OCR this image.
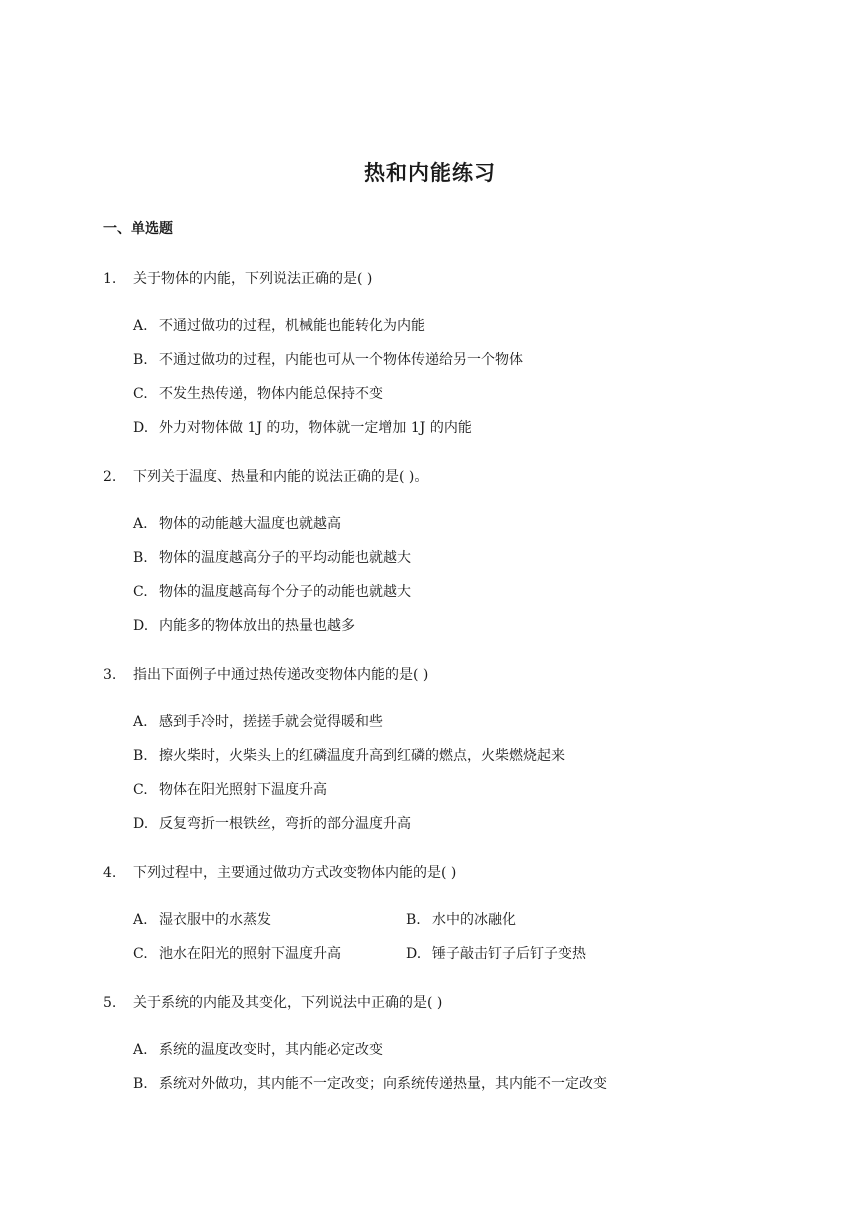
热和内能练习
一、单选题
1. 关于物体的内能，下列说法正确的是( )
A. 不通过做功的过程，机械能也能转化为内能
B. 不通过做功的过程，内能也可从一个物体传递给另一个物体
C. 不发生热传递，物体内能总保持不变
D. 外力对物体做 1J 的功，物体就一定增加 1J 的内能
2. 下列关于温度、热量和内能的说法正确的是( )。
A. 物体的动能越大温度也就越高
B. 物体的温度越高分子的平均动能也就越大
C. 物体的温度越高每个分子的动能也就越大
D. 内能多的物体放出的热量也越多
3. 指出下面例子中通过热传递改变物体内能的是( )
A. 感到手冷时，搓搓手就会觉得暖和些
B. 擦火柴时，火柴头上的红磷温度升高到红磷的燃点，火柴燃烧起来
C. 物体在阳光照射下温度升高
D. 反复弯折一根铁丝，弯折的部分温度升高
4. 下列过程中，主要通过做功方式改变物体内能的是( )
A. 湿衣服中的水蒸发	B. 水中的冰融化
C. 池水在阳光的照射下温度升高	D. 锤子敲击钉子后钉子变热
5. 关于系统的内能及其变化，下列说法中正确的是( )
A. 系统的温度改变时，其内能必定改变
B. 系统对外做功，其内能不一定改变；向系统传递热量，其内能不一定改变
